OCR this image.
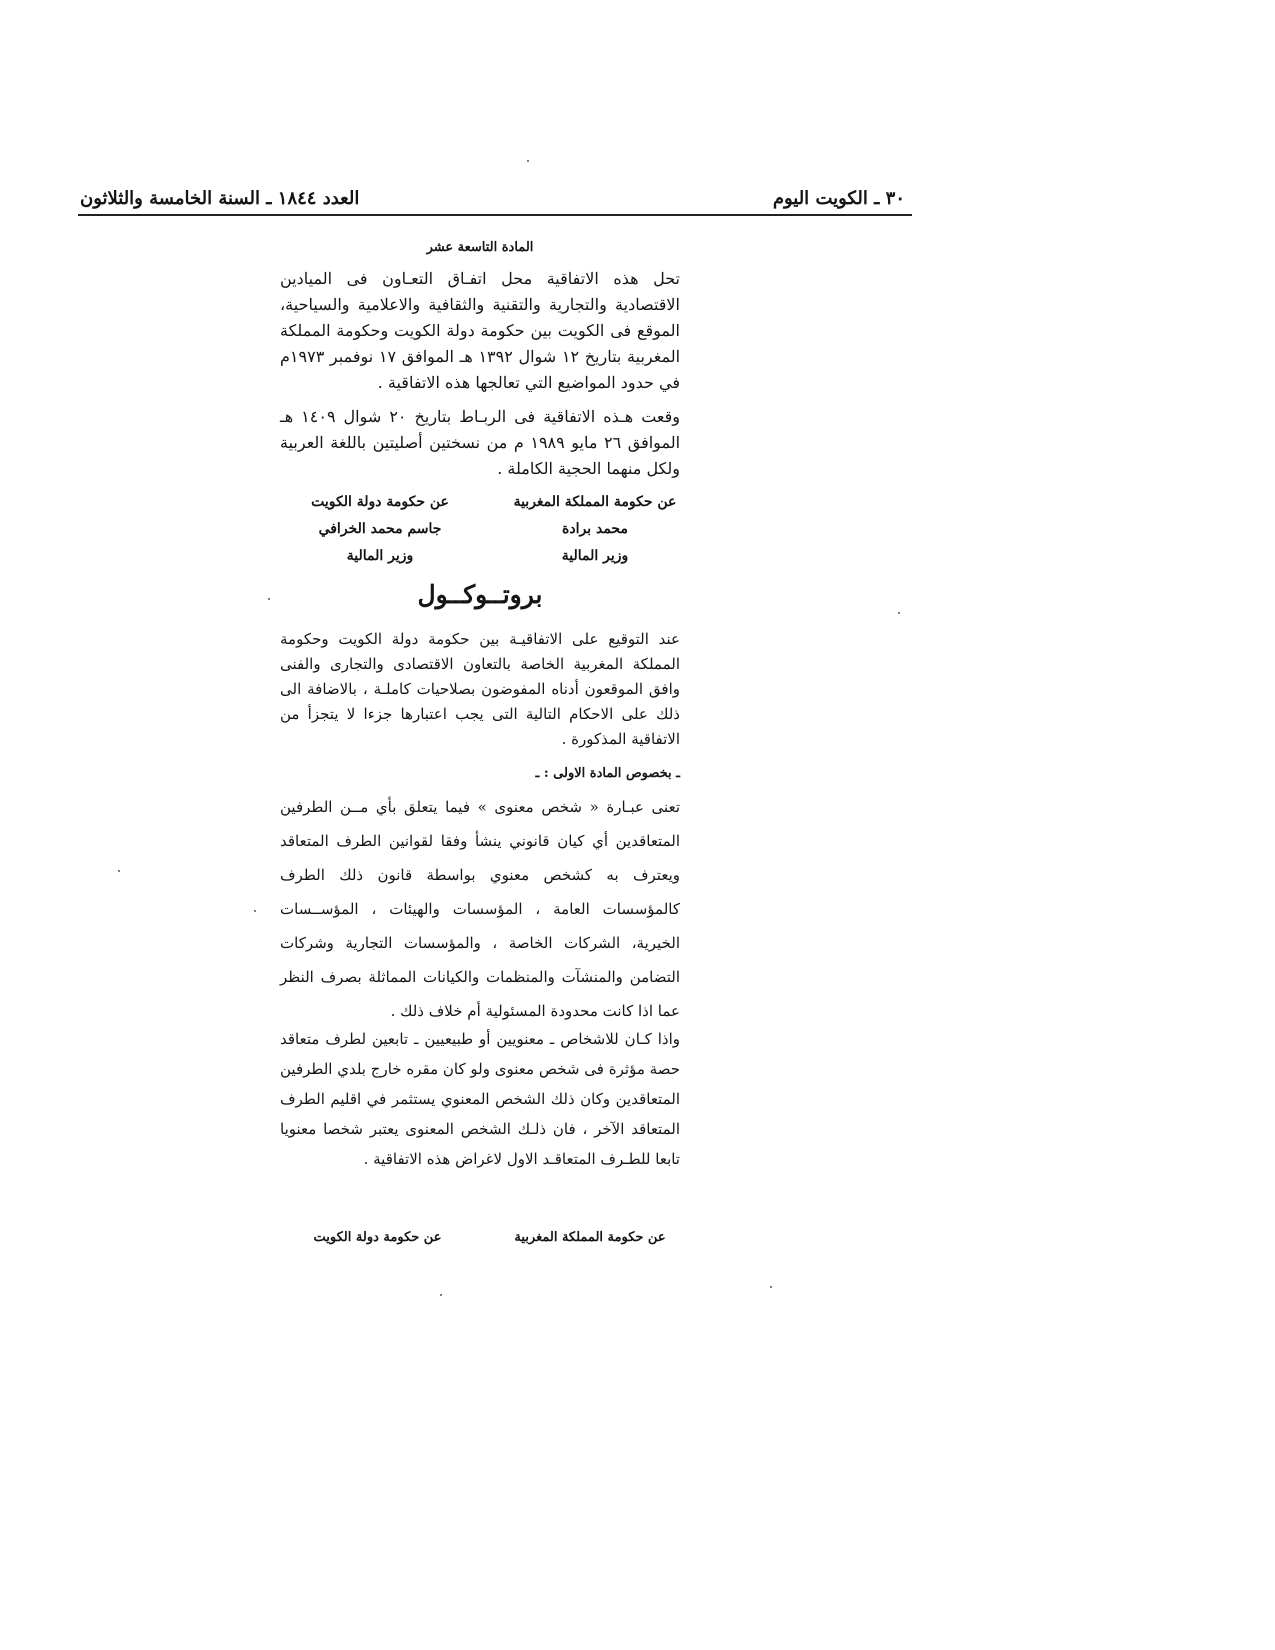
٣٠ ـ الكويت اليوم
العدد ١٨٤٤ ـ السنة الخامسة والثلاثون
المادة التاسعة عشر
تحل هذه الاتفاقية محل اتفـاق التعـاون فى الميادين الاقتصادية والتجارية والتقنية والثقافية والاعلامية والسياحية، الموقع فى الكويت بين حكومة دولة الكويت وحكومة المملكة المغربية بتاريخ ١٢ شوال ١٣٩٢ هـ الموافق ١٧ نوفمبر ١٩٧٣م في حدود المواضيع التي تعالجها هذه الاتفاقية .
وقعت هـذه الاتفاقية فى الربـاط بتاريخ ٢٠ شوال ١٤٠٩ هـ الموافق ٢٦ مايو ١٩٨٩ م من نسختين أصليتين باللغة العربية ولكل منهما الحجية الكاملة .
عن حكومة المملكة المغربية
محمد برادة
وزير المالية
عن حكومة دولة الكويت
جاسم محمد الخرافي
وزير المالية
بروتــوكــول
عند التوقيع على الاتفاقيـة بين حكومة دولة الكويت وحكومة المملكة المغربية الخاصة بالتعاون الاقتصادى والتجارى والفنى وافق الموقعون أدناه المفوضون بصلاحيات كاملـة ، بالاضافة الى ذلك على الاحكام التالية التى يجب اعتبارها جزءا لا يتجزأ من الاتفاقية المذكورة .
ـ بخصوص المادة الاولى : ـ
تعنى عبـارة « شخص معنوى » فيما يتعلق بأي مــن الطرفين المتعاقدين أي كيان قانوني ينشأ وفقا لقوانين الطرف المتعاقد ويعترف به كشخص معنوي بواسطة قانون ذلك الطرف كالمؤسسات العامة ، المؤسسات والهيئات ، المؤســسات الخيرية، الشركات الخاصة ، والمؤسسات التجارية وشركات التضامن والمنشآت والمنظمات والكيانات المماثلة بصرف النظر عما اذا كانت محدودة المسئولية أم خلاف ذلك .
واذا كـان للاشخاص ـ معنويين أو طبيعيين ـ تابعين لطرف متعاقد حصة مؤثرة فى شخص معنوى ولو كان مقره خارج بلدي الطرفين المتعاقدين وكان ذلك الشخص المعنوي يستثمر في اقليم الطرف المتعاقد الآخر ، فان ذلـك الشخص المعنوى يعتبر شخصا معنويا تابعا للطـرف المتعاقـد الاول لاغراض هذه الاتفاقية .
عن حكومة المملكة المغربية
عن حكومة دولة الكويت
